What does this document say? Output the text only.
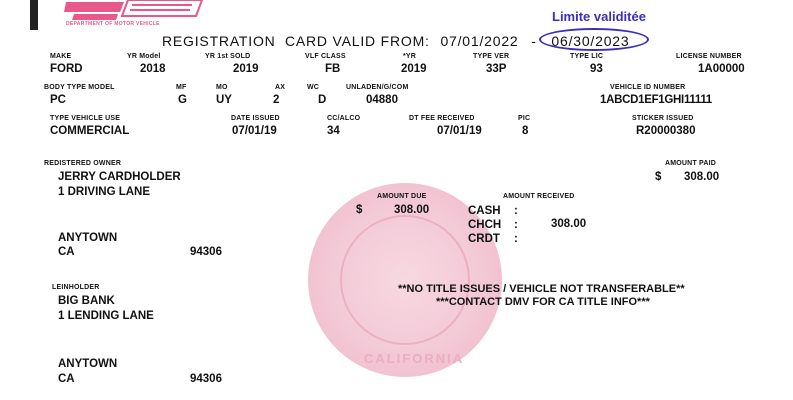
DEPARTMENT OF MOTOR VEHICLE	Limite validitée
REGISTRATION  CARD VALID FROM: 07/01/2022 - 06/30/2023
MAKE	YR Model	YR 1st SOLD	VLF CLASS	*YR	TYPE VER	TYPE LIC	LICENSE NUMBER
FORD	2018	2019	FB	2019	33P	93	1A00000
BODY TYPE MODEL	MF	MO	AX	WC	UNLADEN/G/COM	VEHICLE ID NUMBER
PC	G	UY	2	D	04880	1ABCD1EF1GHI11111
TYPE VEHICLE USE	DATE ISSUED	CC/ALCO	DT FEE RECEIVED	PIC	STICKER ISSUED
COMMERCIAL	07/01/19	34	07/01/19	8	R20000380
CALIFORNIA
REDISTERED OWNER
JERRY CARDHOLDER
1 DRIVING LANE
ANYTOWN
CA	94306
AMOUNT PAID
$ 308.00
AMOUNT DUE
$	308.00
AMOUNT RECEIVED
CASH :
CHCH :	308.00
CRDT :
**NO TITLE ISSUES / VEHICLE NOT TRANSFERABLE**
***CONTACT DMV FOR CA TITLE INFO***
LEINHOLDER
BIG BANK
1 LENDING LANE
ANYTOWN
CA	94306
